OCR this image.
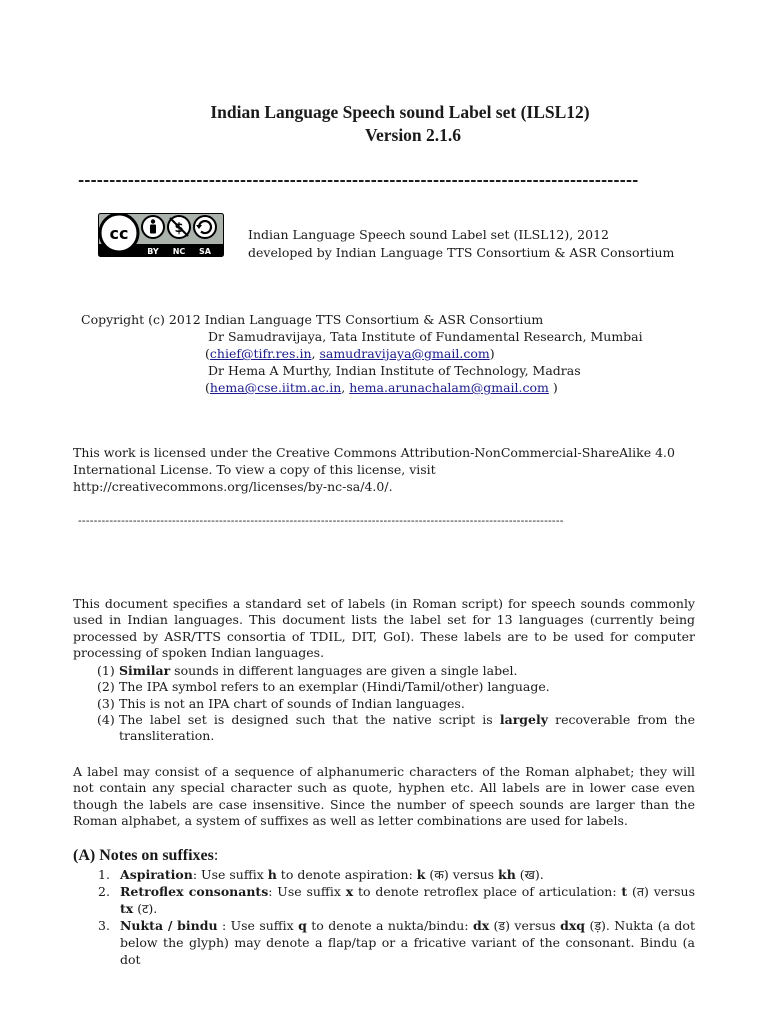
Indian Language Speech sound Label set (ILSL12)
Version 2.1.6
------------------------------------------------------------------------------------------
cc	$
BY NC SA
Indian Language Speech sound Label set (ILSL12), 2012
developed by Indian Language TTS Consortium & ASR Consortium
Copyright (c) 2012 Indian Language TTS Consortium & ASR Consortium
Dr Samudravijaya, Tata Institute of Fundamental Research, Mumbai
(chief@tifr.res.in, samudravijaya@gmail.com)
Dr Hema A Murthy, Indian Institute of Technology, Madras
(hema@cse.iitm.ac.in, hema.arunachalam@gmail.com )
This work is licensed under the Creative Commons Attribution-NonCommercial-ShareAlike 4.0 International License. To view a copy of this license, visit http://creativecommons.org/licenses/by-nc-sa/4.0/.
----------------------------------------------------------------------------------------------------------------------------
This document specifies a standard set of labels (in Roman script) for speech sounds commonly used in Indian languages. This document lists the label set for 13 languages (currently being processed by ASR/TTS consortia of TDIL, DIT, GoI). These labels are to be used for computer processing of spoken Indian languages.
(1) Similar sounds in different languages are given a single label.
(2) The IPA symbol refers to an exemplar (Hindi/Tamil/other) language.
(3) This is not an IPA chart of sounds of Indian languages.
(4) The label set is designed such that the native script is largely recoverable from the transliteration.
A label may consist of a sequence of alphanumeric characters of the Roman alphabet; they will not contain any special character such as quote, hyphen etc. All labels are in lower case even though the labels are case insensitive. Since the number of speech sounds are larger than the Roman alphabet, a system of suffixes as well as letter combinations are used for labels.
(A) Notes on suffixes:
1. Aspiration: Use suffix h to denote aspiration: k (क) versus kh (ख).
2. Retroflex consonants: Use suffix x to denote retroflex place of articulation: t (त) versus tx (ट).
3. Nukta / bindu : Use suffix q to denote a nukta/bindu: dx (ड) versus dxq (ड़). Nukta (a dot below the glyph) may denote a flap/tap or a fricative variant of the consonant. Bindu (a dot
